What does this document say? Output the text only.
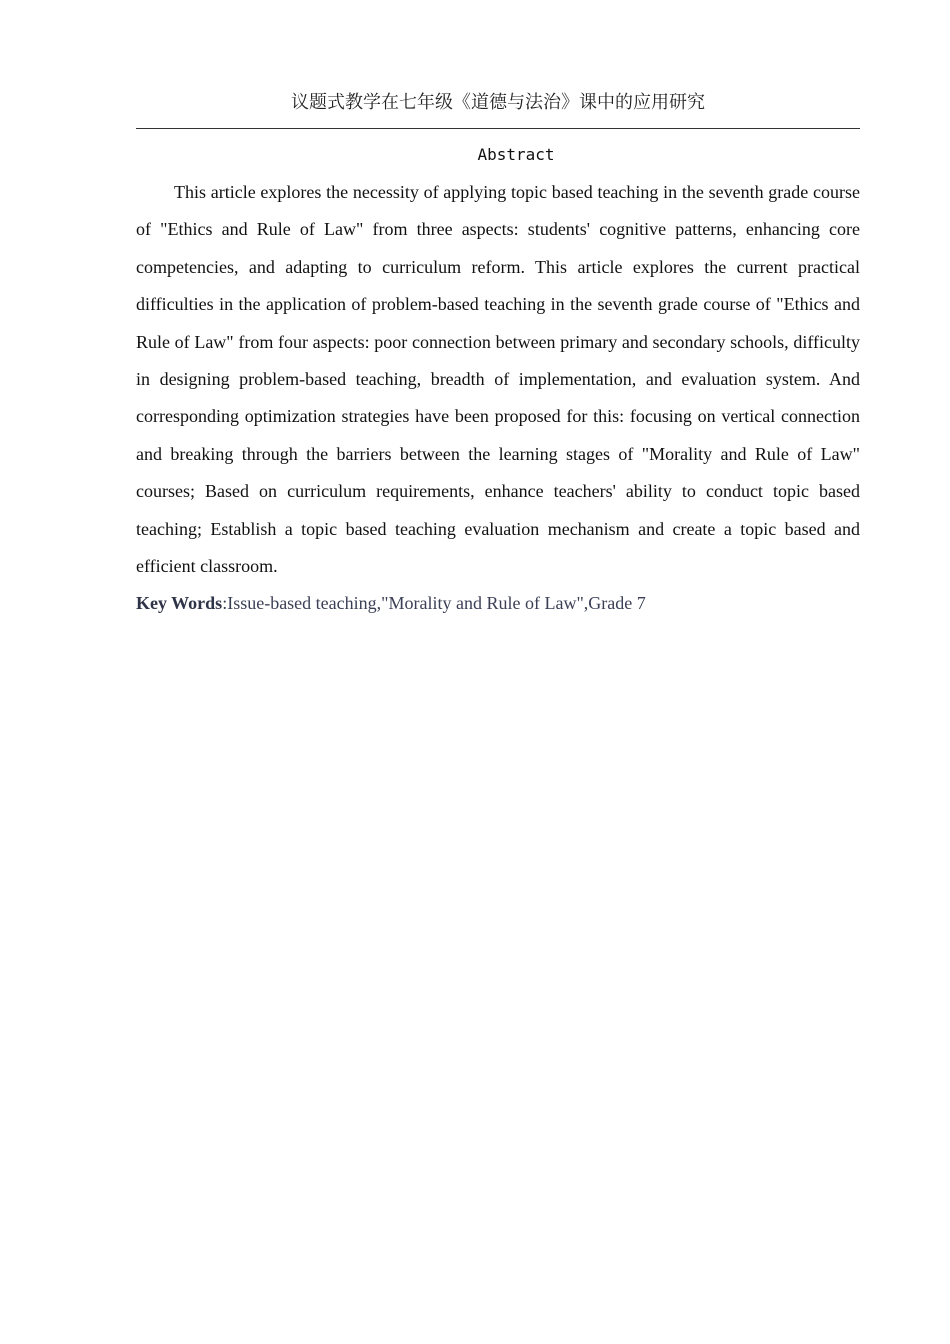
议题式教学在七年级《道德与法治》课中的应用研究
Abstract

This article explores the necessity of applying topic based teaching in the seventh grade course of "Ethics and Rule of Law" from three aspects: students' cognitive patterns, enhancing core competencies, and adapting to curriculum reform. This article explores the current practical difficulties in the application of problem-based teaching in the seventh grade course of "Ethics and Rule of Law" from four aspects: poor connection between primary and secondary schools, difficulty in designing problem-based teaching, breadth of implementation, and evaluation system. And corresponding optimization strategies have been proposed for this: focusing on vertical connection and breaking through the barriers between the learning stages of "Morality and Rule of Law" courses; Based on curriculum requirements, enhance teachers' ability to conduct topic based teaching; Establish a topic based teaching evaluation mechanism and create a topic based and efficient classroom.

Key Words:Issue-based teaching,"Morality and Rule of Law",Grade 7
